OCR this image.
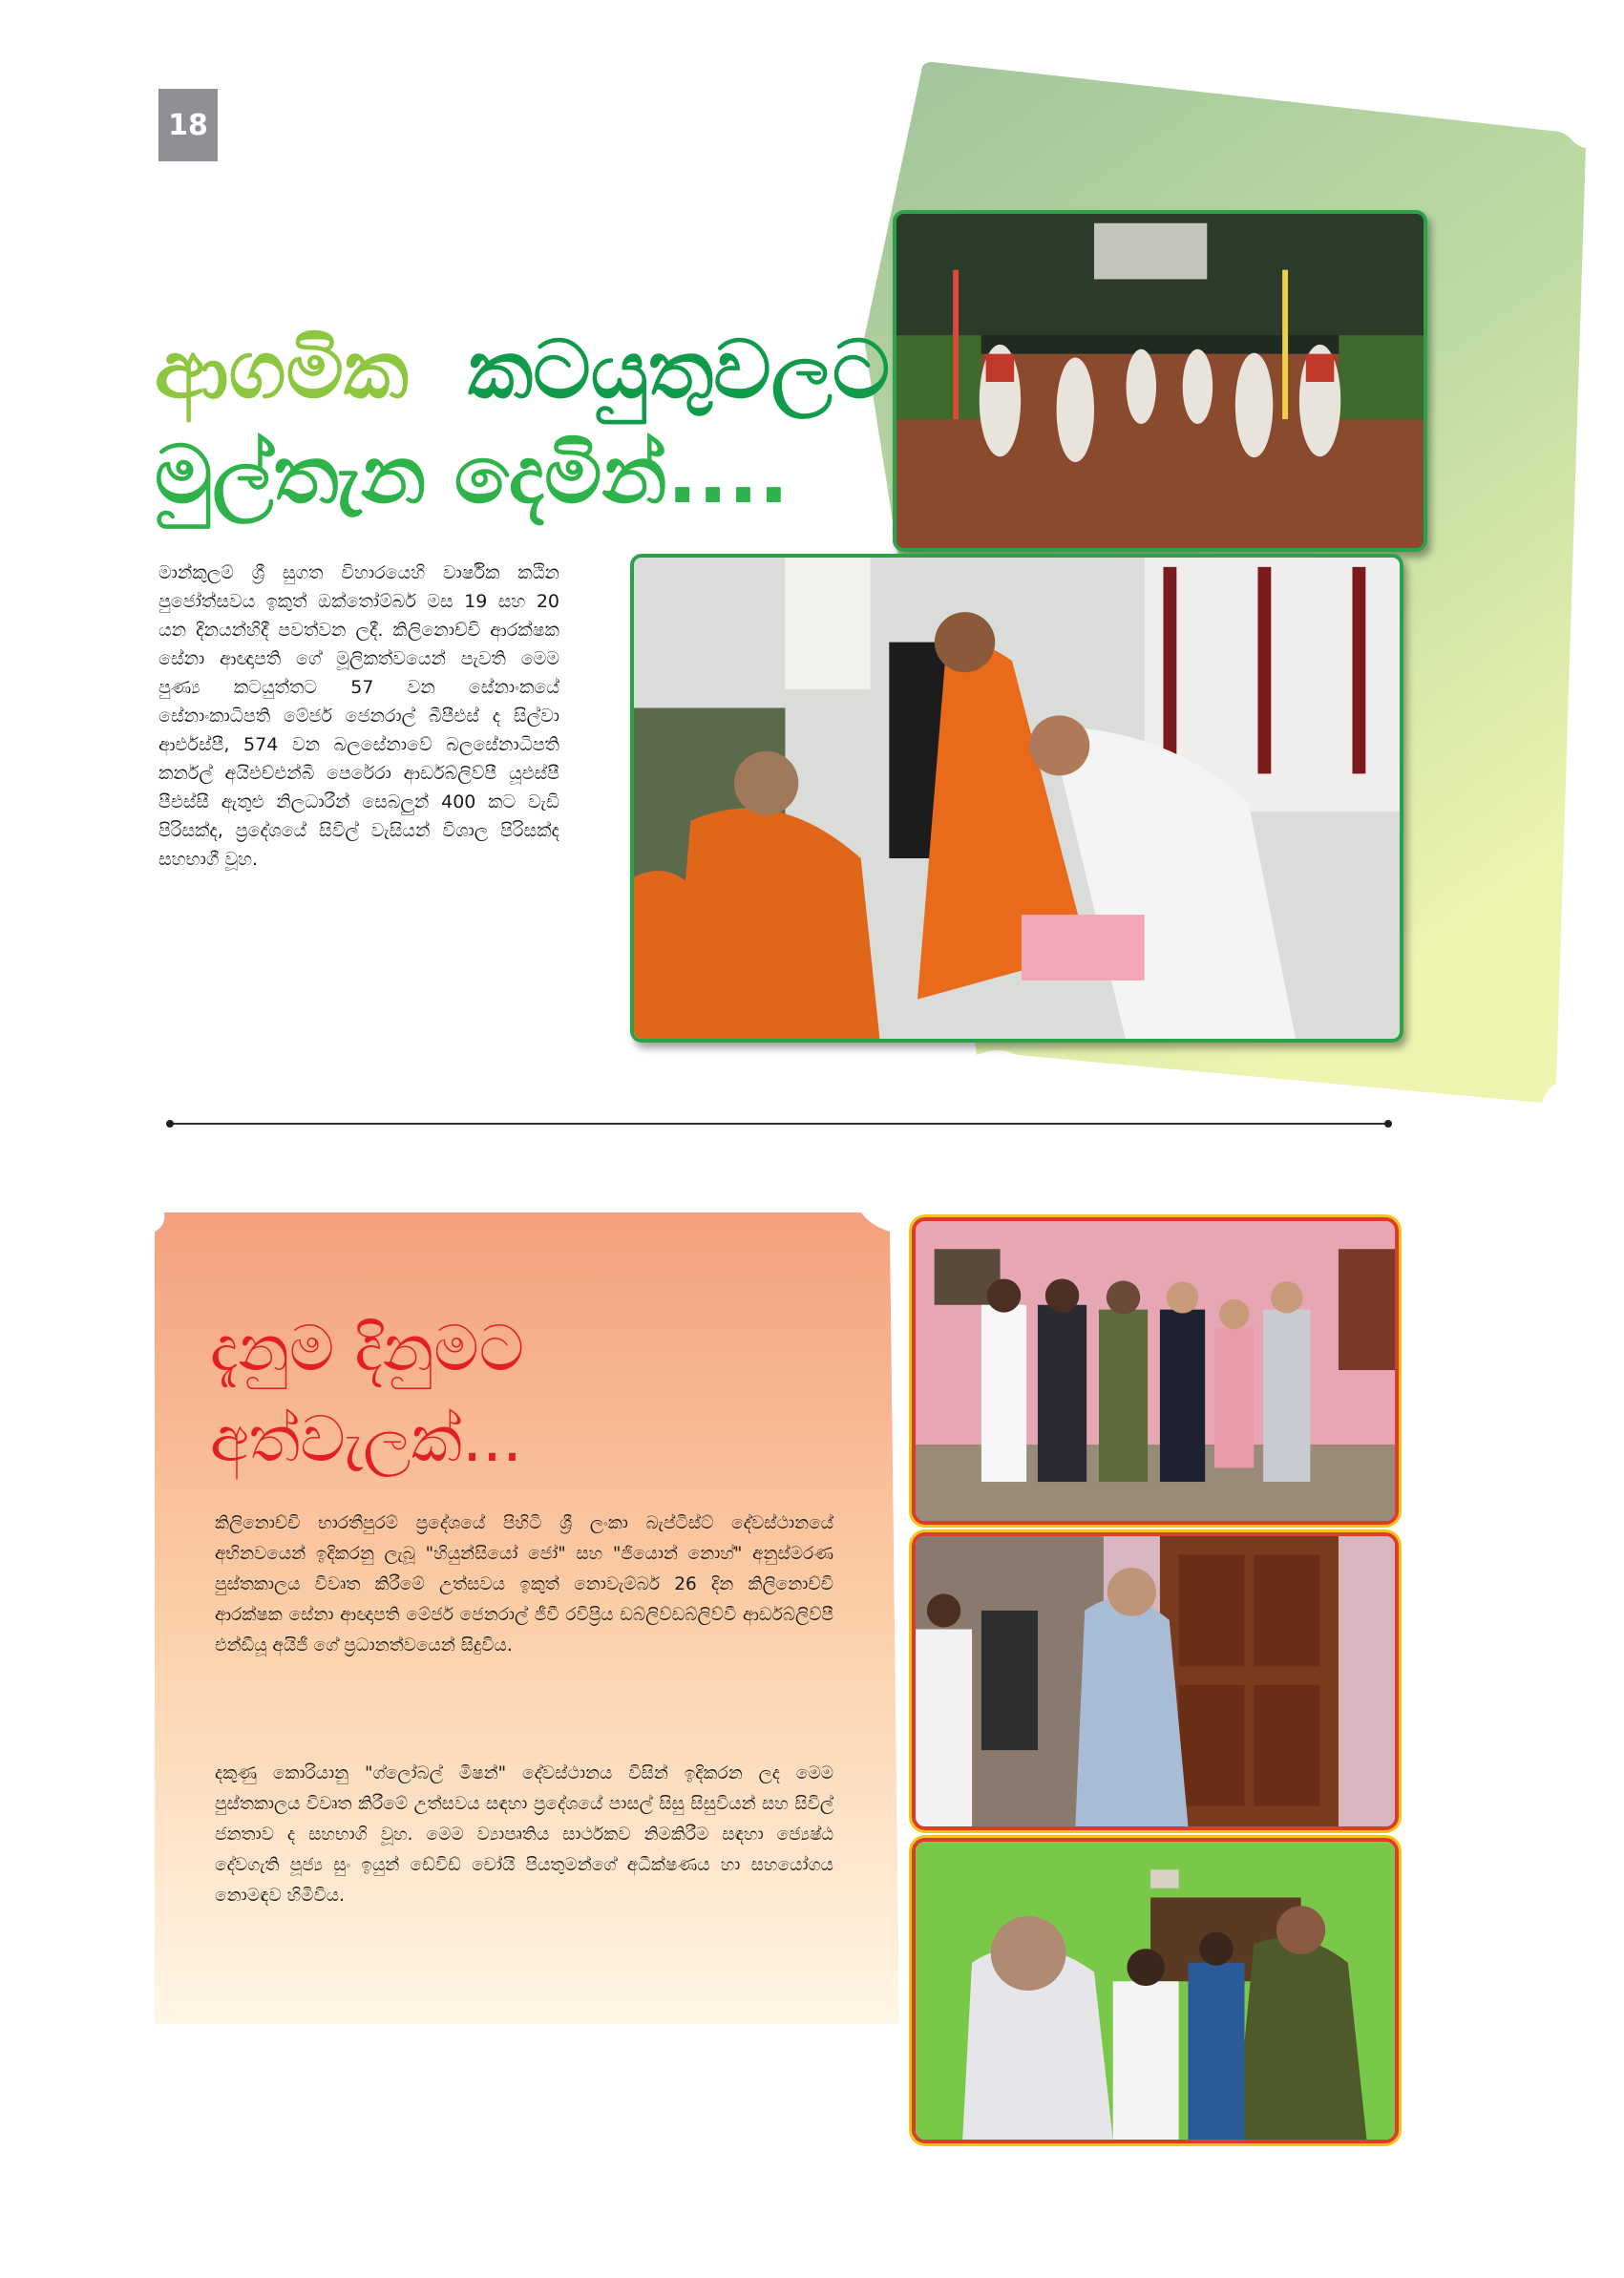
18
ආගමික කටයුතුවලට
මුල්තැන දෙමින්....
මාන්කුලම් ශ්‍රී සුගත විහාරයෙහි වාර්ෂික කඨින පුජෝත්සවය ඉකුත් ඔක්තෝම්බර් මස 19 සහ 20 යන දිනයන්හිදී පවත්වන ලදී. කිලිනොච්චි ආරක්ෂක සේනා ආඥාපති ගේ මූලිකත්වයෙන් පැවති මෙම පුණ්‍ය කටයුත්තට 57 වන සේනාංකයේ සේනාංකාධිපති මේජර් ජෙනරාල් බීපීඑස් ද සිල්වා ආර්එස්පී, 574 වන බලසේනාවේ බලසේනාධිපති කර්නල් අයිඑච්එන්බී පෙරේරා ආර්ඩබ්ලිව්පී යූඑස්පී පීඑස්සී ඇතුළු නිලධාරීන් සෙබලුන් 400 කට වැඩි පිරිසක්ද, ප්‍රදේශයේ සිවිල් වැසියන් විශාල පිරිසක්ද සහභාගී වූහ.
දැනුම දිනුමට
අත්වැලක්...
කිලිනොච්චි භාරතීපුරම් ප්‍රදේශයේ පිහිටි ශ්‍රී ලංකා බැප්ටිස්ට් දේවස්ථානයේ අභිනවයෙන් ඉදිකරනු ලැබූ "හියුන්සියෝ ජෝ" සහ "ජියොන් නොහ්" අනුස්මරණ පුස්තකාලය විවෘත කිරීමේ උත්සවය ඉකුත් නොවැම්බර් 26 දින කිලිනොච්චි ආරක්ෂක සේනා ආඥාපති මේජර් ජෙනරාල් ජීවී රවිප්‍රිය ඩබ්ලිව්ඩබ්ලිව්වී ආර්ඩබ්ලිව්පී එන්ඩීයූ අයිජී ගේ ප්‍රධානත්වයෙන් සිදුවිය.
දකුණු කොරියානු "ග්ලෝබල් මිෂන්" දේවස්ථානය විසින් ඉදිකරන ලද මෙම පුස්තකාලය විවෘත කිරීමේ උත්සවය සඳහා ප්‍රදේශයේ පාසල් සිසු සිසුවියන් සහ සිවිල් ජනතාව ද සහභාගි වූහ. මෙම ව්‍යාපෘතිය සාර්ථකව නිමකිරීම සඳහා ජ්‍යෙෂ්ඨ දේවගැති පූජ්‍ය සුං ඉයුන් ඩේවිඩ් චෝයි පියතුමන්ගේ අධීක්ෂණය හා සහයෝගය නොමඳව හිමිවිය.
